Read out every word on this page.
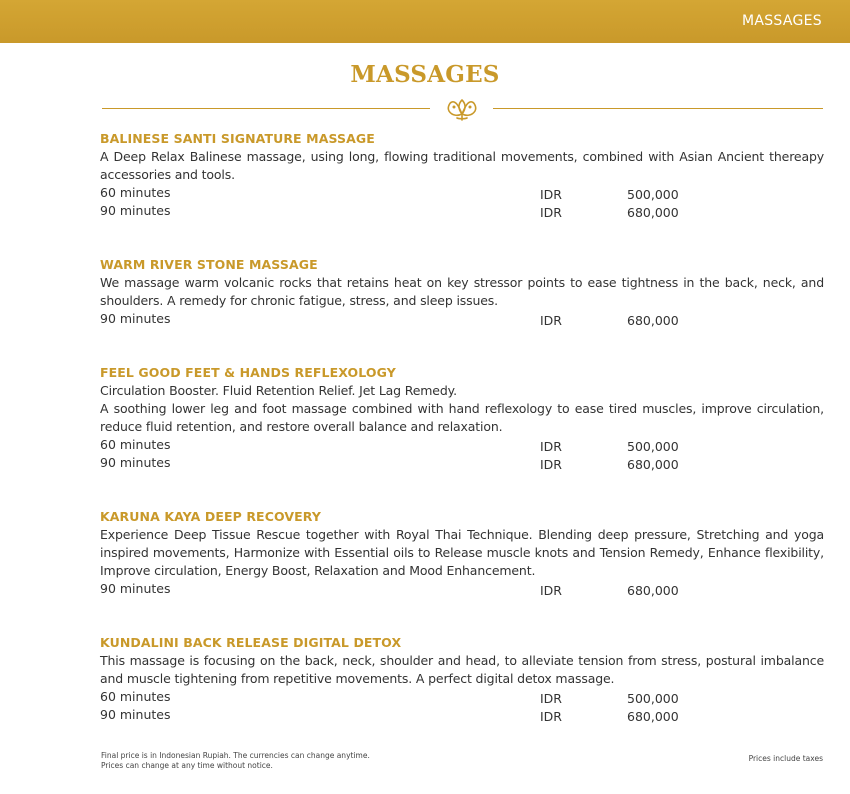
MASSAGES
MASSAGES
BALINESE SANTI SIGNATURE MASSAGE
A Deep Relax Balinese massage, using long, flowing traditional movements, combined with Asian Ancient thereapy accessories and tools.
60 minutes	IDR	500,000
90 minutes	IDR	680,000
WARM RIVER STONE MASSAGE
We massage warm volcanic rocks that retains heat on key stressor points to ease tightness in the back, neck, and shoulders. A remedy for chronic fatigue, stress, and sleep issues.
90 minutes	IDR	680,000
FEEL GOOD FEET & HANDS REFLEXOLOGY
Circulation Booster. Fluid Retention Relief. Jet Lag Remedy.
A soothing lower leg and foot massage combined with hand reflexology to ease tired muscles, improve circulation, reduce fluid retention, and restore overall balance and relaxation.
60 minutes	IDR	500,000
90 minutes	IDR	680,000
KARUNA KAYA DEEP RECOVERY
Experience Deep Tissue Rescue together with Royal Thai Technique. Blending deep pressure, Stretching and yoga inspired movements, Harmonize with Essential oils to Release muscle knots and Tension Remedy, Enhance flexibility, Improve circulation, Energy Boost, Relaxation and Mood Enhancement.
90 minutes	IDR	680,000
KUNDALINI BACK RELEASE DIGITAL DETOX
This massage is focusing on the back, neck, shoulder and head, to alleviate tension from stress, postural imbalance and muscle tightening from repetitive movements. A perfect digital detox massage.
60 minutes	IDR	500,000
90 minutes	IDR	680,000
Final price is in Indonesian Rupiah. The currencies can change anytime.
Prices can change at any time without notice.
Prices include taxes
